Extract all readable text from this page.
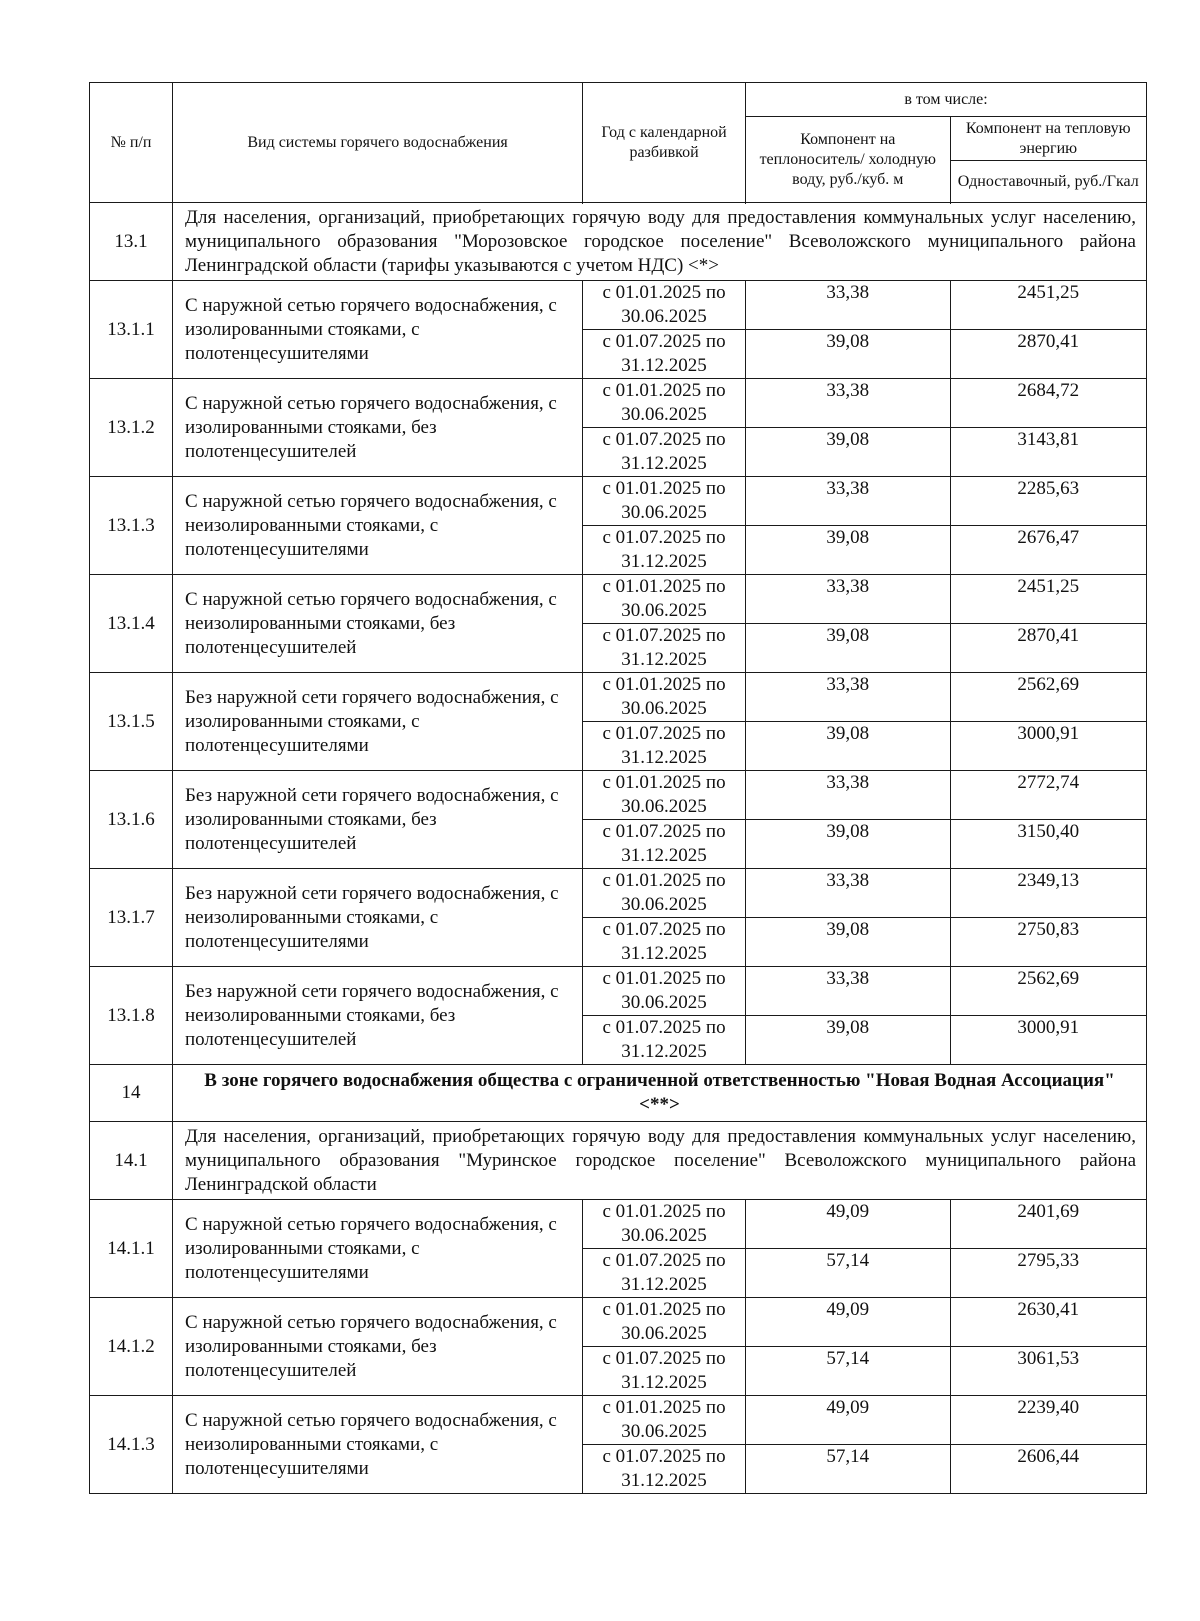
№ п/п	Вид системы горячего водоснабжения	Год с календарной разбивкой	в том числе:	
			Компонент на теплоноситель/ холодную воду, руб./куб. м	Компонент на тепловую энергию
				Одноставочный, руб./Гкал

13.1	Для населения, организаций, приобретающих горячую воду для предоставления коммунальных услуг населению, муниципального образования "Морозовское городское поселение" Всеволожского муниципального района Ленинградской области (тарифы указываются с учетом НДС) <*>			
13.1.1	С наружной сетью горячего водоснабжения, с изолированными стояками, с полотенцесушителями	с 01.01.2025 по 30.06.2025	33,38	2451,25
		с 01.07.2025 по 31.12.2025	39,08	2870,41
13.1.2	С наружной сетью горячего водоснабжения, с изолированными стояками, без полотенцесушителей	с 01.01.2025 по 30.06.2025	33,38	2684,72
		с 01.07.2025 по 31.12.2025	39,08	3143,81
13.1.3	С наружной сетью горячего водоснабжения, с неизолированными стояками, с полотенцесушителями	с 01.01.2025 по 30.06.2025	33,38	2285,63
		с 01.07.2025 по 31.12.2025	39,08	2676,47
13.1.4	С наружной сетью горячего водоснабжения, с неизолированными стояками, без полотенцесушителей	с 01.01.2025 по 30.06.2025	33,38	2451,25
		с 01.07.2025 по 31.12.2025	39,08	2870,41
13.1.5	Без наружной сети горячего водоснабжения, с изолированными стояками, с полотенцесушителями	с 01.01.2025 по 30.06.2025	33,38	2562,69
		с 01.07.2025 по 31.12.2025	39,08	3000,91
13.1.6	Без наружной сети горячего водоснабжения, с изолированными стояками, без полотенцесушителей	с 01.01.2025 по 30.06.2025	33,38	2772,74
		с 01.07.2025 по 31.12.2025	39,08	3150,40
13.1.7	Без наружной сети горячего водоснабжения, с неизолированными стояками, с полотенцесушителями	с 01.01.2025 по 30.06.2025	33,38	2349,13
		с 01.07.2025 по 31.12.2025	39,08	2750,83
13.1.8	Без наружной сети горячего водоснабжения, с неизолированными стояками, без полотенцесушителей	с 01.01.2025 по 30.06.2025	33,38	2562,69
		с 01.07.2025 по 31.12.2025	39,08	3000,91
14	В зоне горячего водоснабжения общества с ограниченной ответственностью "Новая Водная Ассоциация" <**>			
14.1	Для населения, организаций, приобретающих горячую воду для предоставления коммунальных услуг населению, муниципального образования "Муринское городское поселение" Всеволожского муниципального района Ленинградской области			
14.1.1	С наружной сетью горячего водоснабжения, с изолированными стояками, с полотенцесушителями	с 01.01.2025 по 30.06.2025	49,09	2401,69
		с 01.07.2025 по 31.12.2025	57,14	2795,33
14.1.2	С наружной сетью горячего водоснабжения, с изолированными стояками, без полотенцесушителей	с 01.01.2025 по 30.06.2025	49,09	2630,41
		с 01.07.2025 по 31.12.2025	57,14	3061,53
14.1.3	С наружной сетью горячего водоснабжения, с неизолированными стояками, с полотенцесушителями	с 01.01.2025 по 30.06.2025	49,09	2239,40
		с 01.07.2025 по 31.12.2025	57,14	2606,44
